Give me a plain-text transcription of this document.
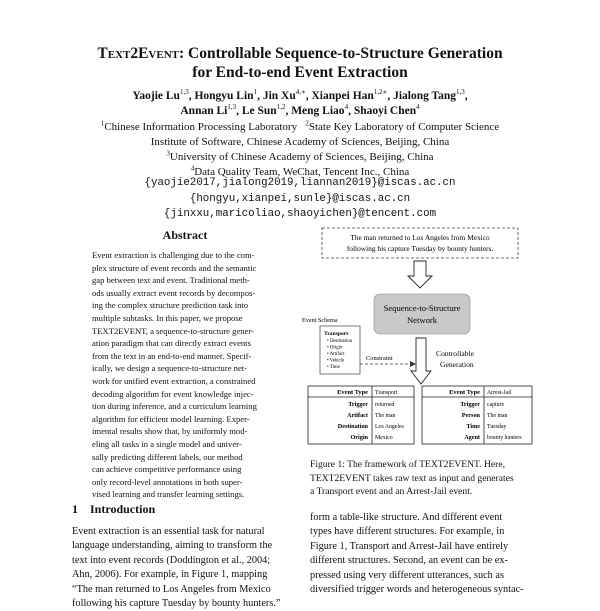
Text2Event: Controllable Sequence-to-Structure Generation
for End-to-end Event Extraction
Yaojie Lu$^{1,3}$, Hongyu Lin$^1$, Jin $Xu^{4,∗}$, Xianpei Han$^{1,2∗}$, Jialong Tang$^{1,3}$,
Annan Li$^{1,3}$, Le Sun$^{1,2}$, Meng Liao$^4$, Shaoyi Chen$^4$
$^1$Chinese Information Processing Laboratory $^2$State Key Laboratory of Computer Science
Institute of Software, Chinese Academy of Sciences, Beijing, China
$^3$University of Chinese Academy of Sciences, Beijing, China
$^4$Data Quality Team, WeChat, Tencent Inc., China
{yaojie2017,jialong2019,liannan2019}@iscas.ac.cn
{hongyu,xianpei,sunle}@iscas.ac.cn
{jinxxu,maricoliao,shaoyichen}@tencent.com
Abstract
Event extraction is challenging due to the com-
plex structure of event records and the semantic
gap between text and event. Traditional meth-
ods usually extract event records by decompos-
ing the complex structure prediction task into
multiple subtasks. In this paper, we propose
TEXT2EVENT, a sequence-to-structure gener-
ation paradigm that can directly extract events
from the text in an end-to-end manner. Specif-
ically, we design a sequence-to-structure net-
work for unified event extraction, a constrained
decoding algorithm for event knowledge injec-
tion during inference, and a curriculum learning
algorithm for efficient model learning. Exper-
imental results show that, by uniformly mod-
eling all tasks in a single model and univer-
sally predicting different labels, our method
can achieve competitive performance using
only record-level annotations in both super-
vised learning and transfer learning settings.
1 Introduction
Event extraction is an essential task for natural
language understanding, aiming to transform the
text into event records (Doddington et al., 2004;
Ahn, 2006). For example, in Figure 1, mapping
“The man returned to Los Angeles from Mexico
following his capture Tuesday by bounty hunters.”
form a table-like structure. And different event
types have different structures. For example, in
Figure 1, Transport and Arrest-Jail have entirely
different structures. Second, an event can be ex-
pressed using very different utterances, such as
diversified trigger words and heterogeneous syntac-
The man returned to Los Angeles from Mexico
following his capture Tuesday by bounty hunters.
Sequence-to-Structure
Network
Event Schema
Transport
• Destination
• Origin
• Artifact
• Vehicle
• Time
Constraint
Controllable
Generation
Event Type Transport
Trigger returned
Artifact The man
Destination Los Angeles
Origin Mexico
Event Type Arrest-Jail
Trigger capture
Person The man
Time Tuesday
Agent bounty hunters
Figure 1: The framework of TEXT2EVENT. Here,
TEXT2EVENT takes raw text as input and generates
a Transport event and an Arrest-Jail event.
